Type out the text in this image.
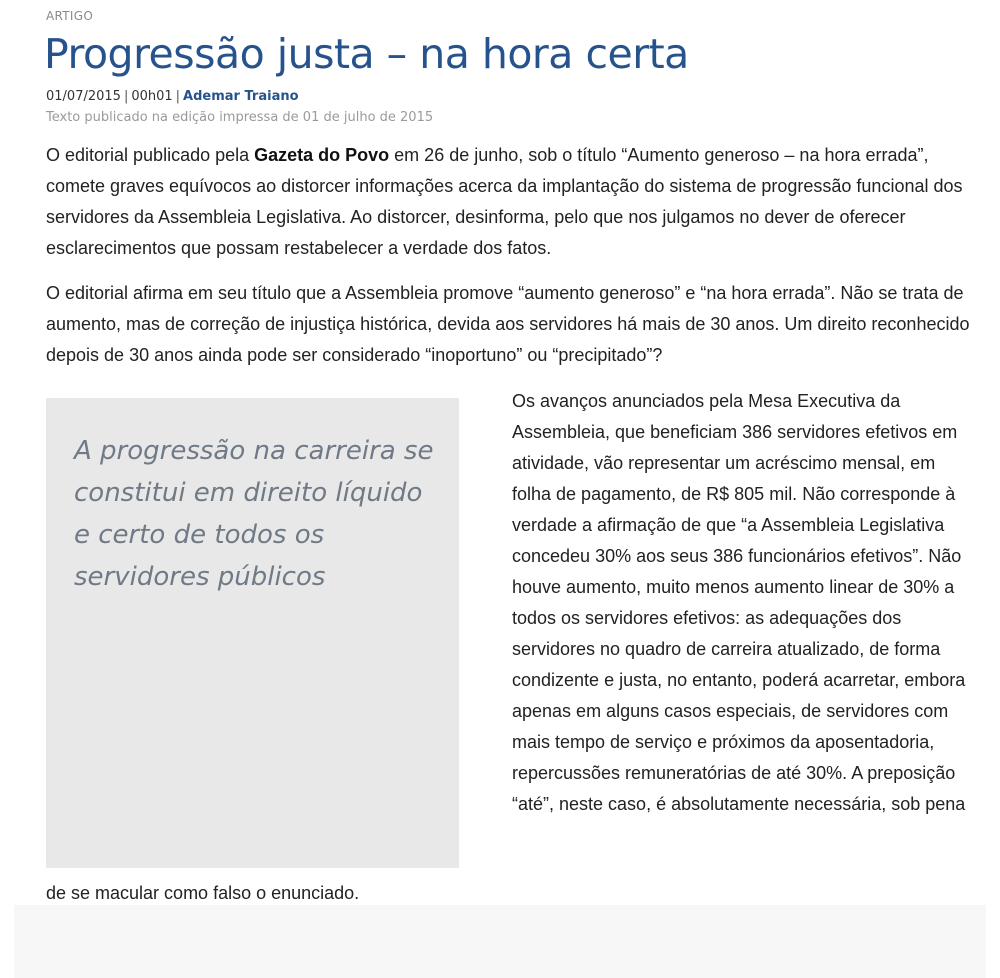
ARTIGO
Progressão justa – na hora certa
01/07/2015 | 00h01 | Ademar Traiano
Texto publicado na edição impressa de 01 de julho de 2015

O editorial publicado pela Gazeta do Povo em 26 de junho, sob o título “Aumento generoso – na hora errada”, comete graves equívocos ao distorcer informações acerca da implantação do sistema de progressão funcional dos servidores da Assembleia Legislativa. Ao distorcer, desinforma, pelo que nos julgamos no dever de oferecer esclarecimentos que possam restabelecer a verdade dos fatos.

O editorial afirma em seu título que a Assembleia promove “aumento generoso” e “na hora errada”. Não se trata de aumento, mas de correção de injustiça histórica, devida aos servidores há mais de 30 anos. Um direito reconhecido depois de 30 anos ainda pode ser considerado “inoportuno” ou “precipitado”?

A progressão na carreira se constitui em direito líquido e certo de todos os servidores públicos

Os avanços anunciados pela Mesa Executiva da Assembleia, que beneficiam 386 servidores efetivos em atividade, vão representar um acréscimo mensal, em folha de pagamento, de R$ 805 mil. Não corresponde à verdade a afirmação de que “a Assembleia Legislativa concedeu 30% aos seus 386 funcionários efetivos”. Não houve aumento, muito menos aumento linear de 30% a todos os servidores efetivos: as adequações dos servidores no quadro de carreira atualizado, de forma condizente e justa, no entanto, poderá acarretar, embora apenas em alguns casos especiais, de servidores com mais tempo de serviço e próximos da aposentadoria, repercussões remuneratórias de até 30%. A preposição “até”, neste caso, é absolutamente necessária, sob pena

de se macular como falso o enunciado.
